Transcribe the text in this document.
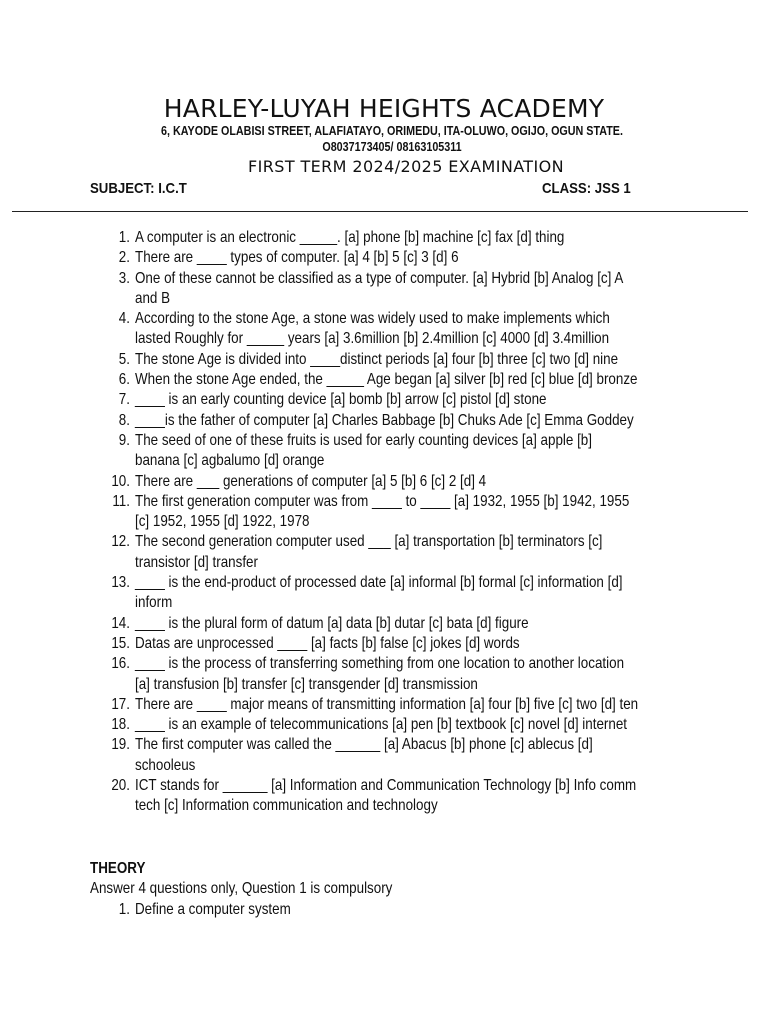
HARLEY-LUYAH HEIGHTS ACADEMY
6, KAYODE OLABISI STREET, ALAFIATAYO, ORIMEDU, ITA-OLUWO, OGIJO, OGUN STATE.
O8037173405/ 08163105311
FIRST TERM 2024/2025 EXAMINATION
SUBJECT: I.C.T	CLASS: JSS 1
1. A computer is an electronic _____. [a] phone [b] machine [c] fax [d] thing
2. There are ____ types of computer. [a] 4 [b] 5 [c] 3 [d] 6
3. One of these cannot be classified as a type of computer. [a] Hybrid [b] Analog [c] A
and B
4. According to the stone Age, a stone was widely used to make implements which
lasted Roughly for _____ years [a] 3.6million [b] 2.4million [c] 4000 [d] 3.4million
5. The stone Age is divided into ____distinct periods [a] four [b] three [c] two [d] nine
6. When the stone Age ended, the _____ Age began [a] silver [b] red [c] blue [d] bronze
7. ____ is an early counting device [a] bomb [b] arrow [c] pistol [d] stone
8. ____is the father of computer [a] Charles Babbage [b] Chuks Ade [c] Emma Goddey
9. The seed of one of these fruits is used for early counting devices [a] apple [b]
banana [c] agbalumo [d] orange
10. There are ___ generations of computer [a] 5 [b] 6 [c] 2 [d] 4
11. The first generation computer was from ____ to ____ [a] 1932, 1955 [b] 1942, 1955
[c] 1952, 1955 [d] 1922, 1978
12. The second generation computer used ___ [a] transportation [b] terminators [c]
transistor [d] transfer
13. ____ is the end-product of processed date [a] informal [b] formal [c] information [d]
inform
14. ____ is the plural form of datum [a] data [b] dutar [c] bata [d] figure
15. Datas are unprocessed ____ [a] facts [b] false [c] jokes [d] words
16. ____ is the process of transferring something from one location to another location
[a] transfusion [b] transfer [c] transgender [d] transmission
17. There are ____ major means of transmitting information [a] four [b] five [c] two [d] ten
18. ____ is an example of telecommunications [a] pen [b] textbook [c] novel [d] internet
19. The first computer was called the ______ [a] Abacus [b] phone [c] ablecus [d]
schooleus
20. ICT stands for ______ [a] Information and Communication Technology [b] Info comm
tech [c] Information communication and technology
THEORY
Answer 4 questions only, Question 1 is compulsory
1. Define a computer system
